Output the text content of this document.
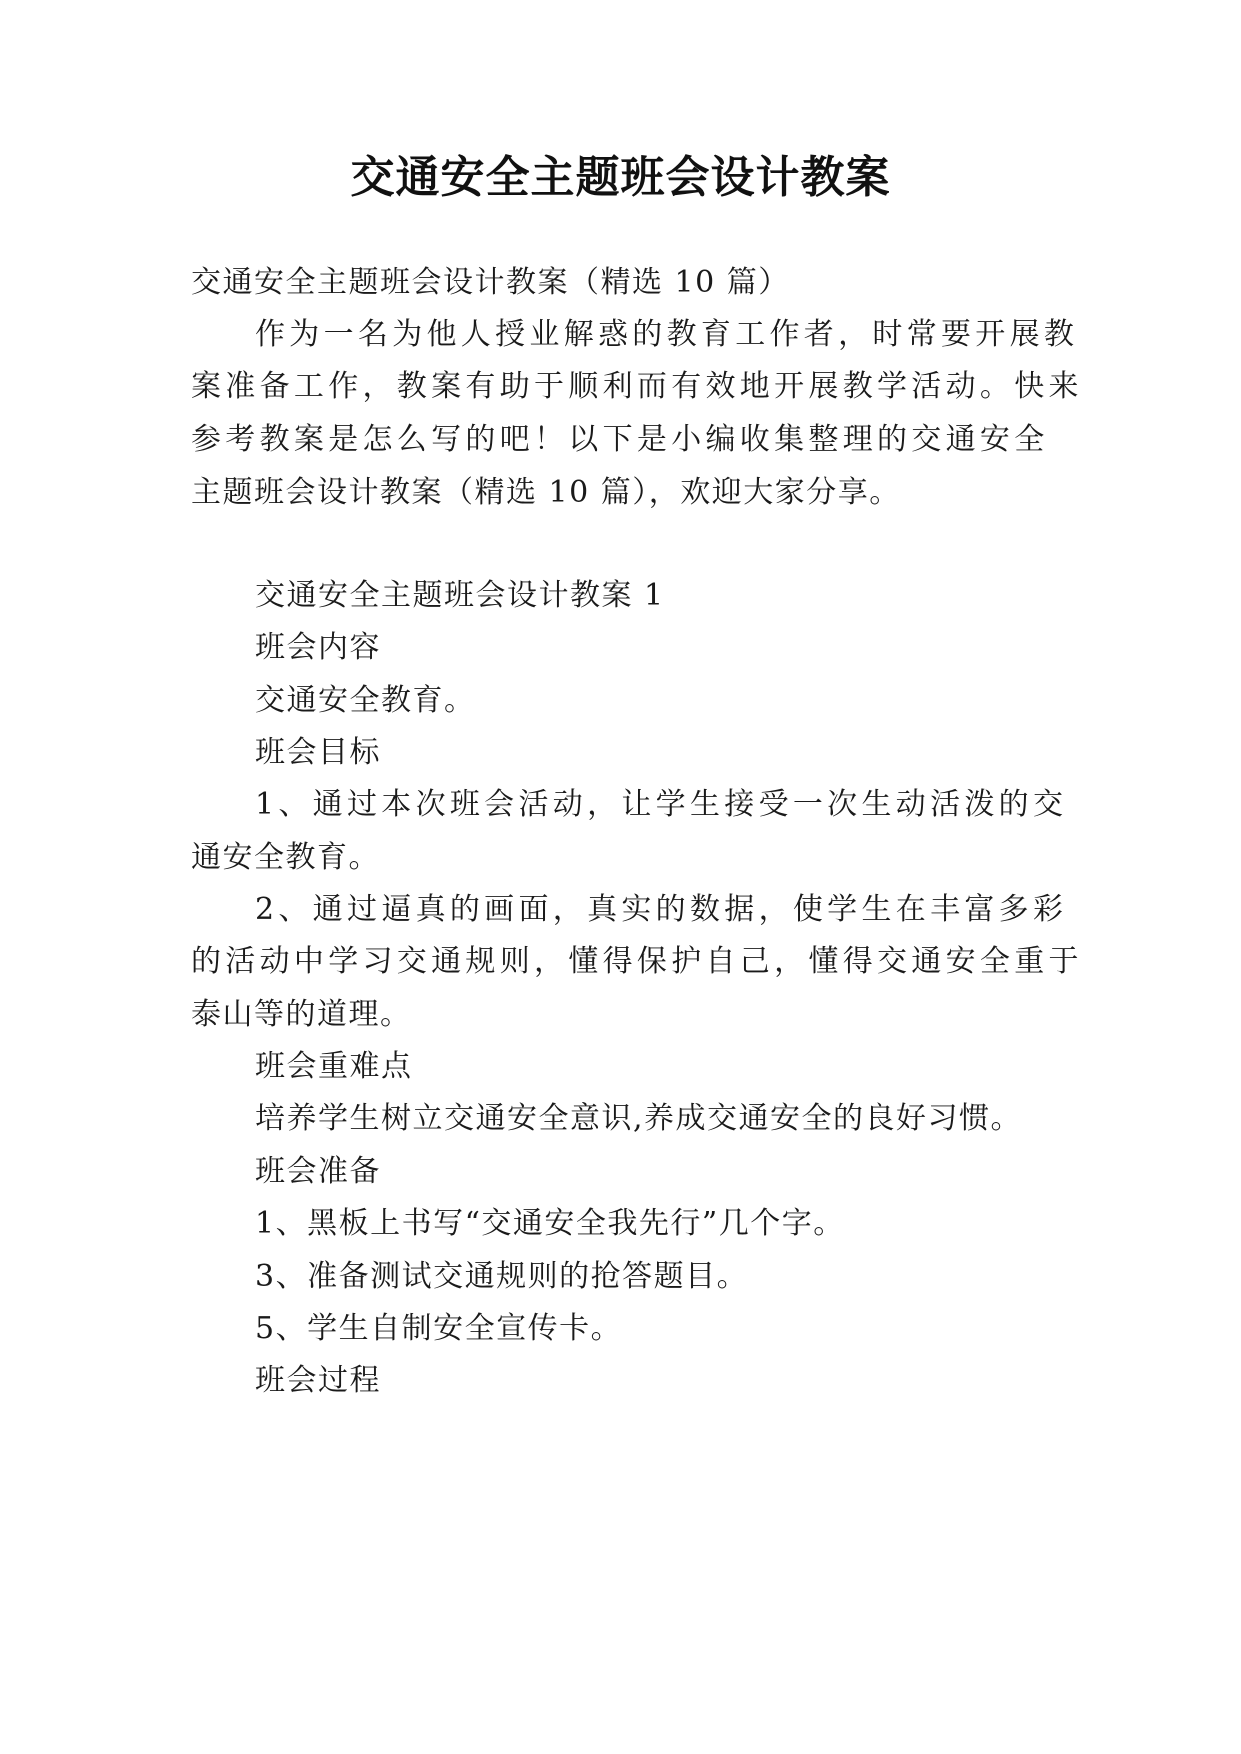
交通安全主题班会设计教案

交通安全主题班会设计教案（精选 10 篇）

作为一名为他人授业解惑的教育工作者，时常要开展教

案准备工作，教案有助于顺利而有效地开展教学活动。快来

参考教案是怎么写的吧！以下是小编收集整理的交通安全

主题班会设计教案（精选 10 篇），欢迎大家分享。

交通安全主题班会设计教案 1

班会内容

交通安全教育。

班会目标

1、通过本次班会活动，让学生接受一次生动活泼的交

通安全教育。

2、通过逼真的画面，真实的数据，使学生在丰富多彩

的活动中学习交通规则，懂得保护自己，懂得交通安全重于

泰山等的道理。

班会重难点

培养学生树立交通安全意识,养成交通安全的良好习惯。

班会准备

1、黑板上书写“交通安全我先行”几个字。

3、准备测试交通规则的抢答题目。

5、学生自制安全宣传卡。

班会过程
